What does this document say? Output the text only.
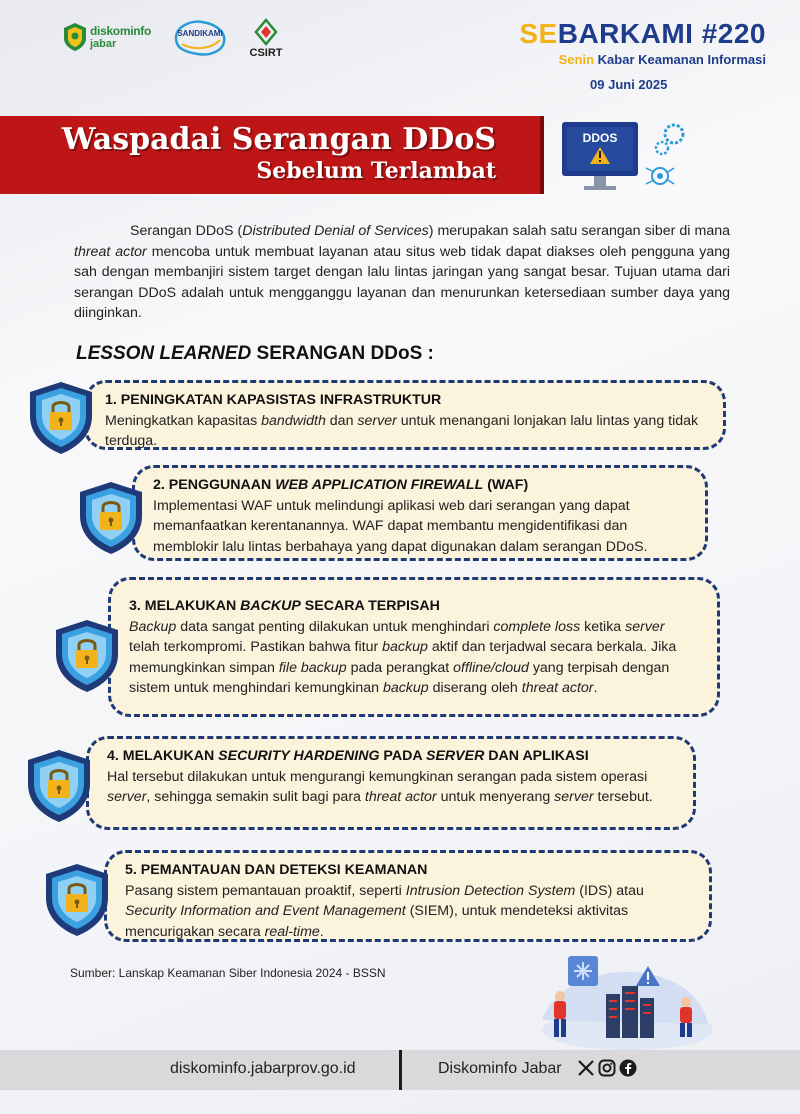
diskominfo
jabar
SANDIKAMI
CSIRT
SEBARKAMI #220
Senin Kabar Keamanan Informasi
09 Juni 2025
Waspadai Serangan DDoS
Sebelum Terlambat
DDOS
Serangan DDoS (Distributed Denial of Services) merupakan salah satu serangan siber di mana threat actor mencoba untuk membuat layanan atau situs web tidak dapat diakses oleh pengguna yang sah dengan membanjiri sistem target dengan lalu lintas jaringan yang sangat besar. Tujuan utama dari serangan DDoS adalah untuk mengganggu layanan dan menurunkan ketersediaan sumber daya yang diinginkan.
LESSON LEARNED SERANGAN DDoS :
1. PENINGKATAN KAPASISTAS INFRASTRUKTUR
Meningkatkan kapasitas bandwidth dan server untuk menangani lonjakan lalu lintas yang tidak terduga.
2. PENGGUNAAN WEB APPLICATION FIREWALL (WAF)
Implementasi WAF untuk melindungi aplikasi web dari serangan yang dapat memanfaatkan kerentanannya. WAF dapat membantu mengidentifikasi dan memblokir lalu lintas berbahaya yang dapat digunakan dalam serangan DDoS.
3. MELAKUKAN BACKUP SECARA TERPISAH
Backup data sangat penting dilakukan untuk menghindari complete loss ketika server telah terkompromi. Pastikan bahwa fitur backup aktif dan terjadwal secara berkala. Jika memungkinkan simpan file backup pada perangkat offline/cloud yang terpisah dengan sistem untuk menghindari kemungkinan backup diserang oleh threat actor.
4. MELAKUKAN SECURITY HARDENING PADA SERVER DAN APLIKASI
Hal tersebut dilakukan untuk mengurangi kemungkinan serangan pada sistem operasi server, sehingga semakin sulit bagi para threat actor untuk menyerang server tersebut.
5. PEMANTAUAN DAN DETEKSI KEAMANAN
Pasang sistem pemantauan proaktif, seperti Intrusion Detection System (IDS) atau Security Information and Event Management (SIEM), untuk mendeteksi aktivitas mencurigakan secara real-time.
Sumber: Lanskap Keamanan Siber Indonesia 2024 - BSSN
diskominfo.jabarprov.go.id	Diskominfo Jabar
